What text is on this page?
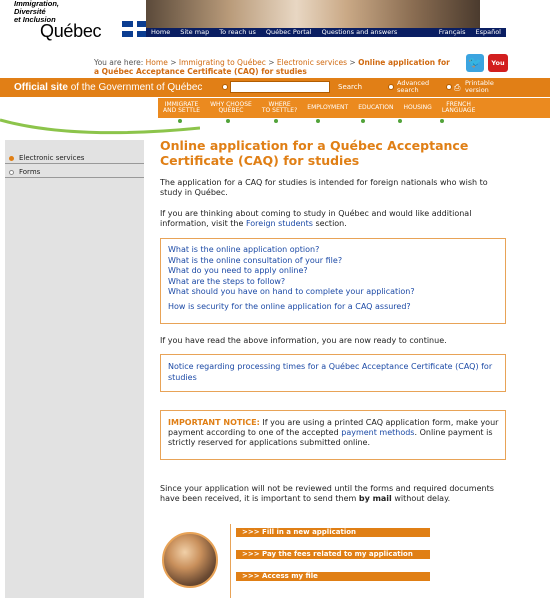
Immigration,
Diversité
et Inclusion
Québec	Home	Site map	To reach us	Québec Portal	Questions and answers	Français	Español
You are here: Home > Immigrating to Québec > Electronic services > Online application for a Québec Acceptance Certificate (CAQ) for studies
🐦	You
Official site of the Government of Québec	Search	Advanced
search	⎙ Printable
version
IMMIGRATE
AND SETTLE
WHY CHOOSE
QUÉBEC
WHERE
TO SETTLE?	EMPLOYMENT	EDUCATION	HOUSING	FRENCH
LANGUAGE
Electronic services
Forms
Online application for a Québec Acceptance Certificate (CAQ) for studies

The application for a CAQ for studies is intended for foreign nationals who wish to study in Québec.

If you are thinking about coming to study in Québec and would like additional information, visit the Foreign students section.

What is the online application option?
What is the online consultation of your file?
What do you need to apply online?
What are the steps to follow?
What should you have on hand to complete your application?
How is security for the online application for a CAQ assured?

If you have read the above information, you are now ready to continue.

Notice regarding processing times for a Québec Acceptance Certificate (CAQ) for studies

IMPORTANT NOTICE: If you are using a printed CAQ application form, make your payment according to one of the accepted payment methods. Online payment is strictly reserved for applications submitted online.

Since your application will not be reviewed until the forms and required documents have been received, it is important to send them by mail without delay.

>>> Fill in a new application
>>> Pay the fees related to my application
>>> Access my file
